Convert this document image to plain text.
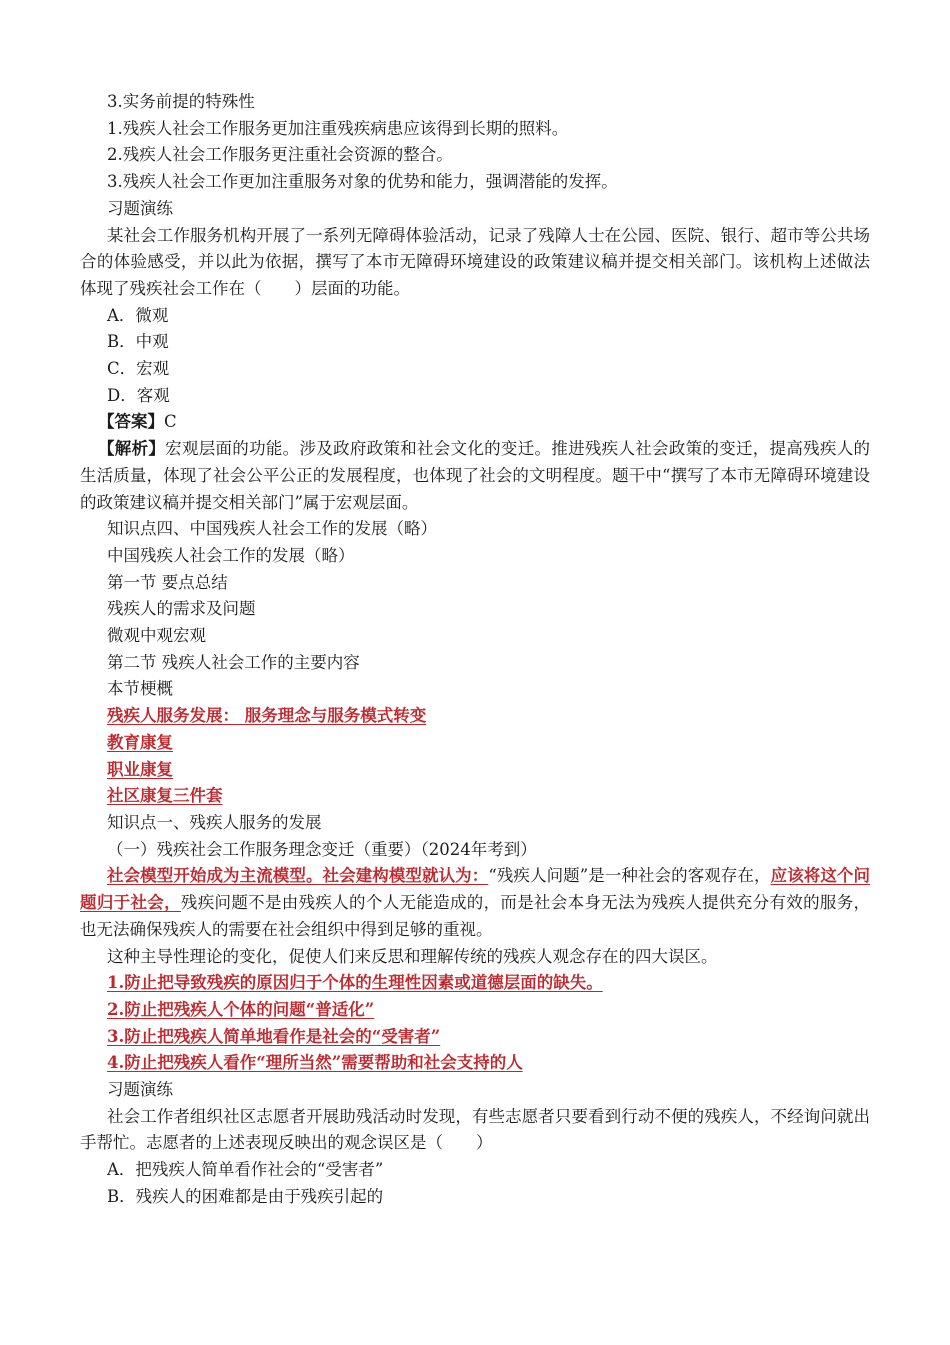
3.实务前提的特殊性
1.残疾人社会工作服务更加注重残疾病患应该得到长期的照料。
2.残疾人社会工作服务更注重社会资源的整合。
3.残疾人社会工作更加注重服务对象的优势和能力，强调潜能的发挥。
习题演练
某社会工作服务机构开展了一系列无障碍体验活动，记录了残障人士在公园、医院、银行、超市等公共场合的体验感受，并以此为依据，撰写了本市无障碍环境建设的政策建议稿并提交相关部门。该机构上述做法体现了残疾社会工作在（　　）层面的功能。
A．微观
B．中观
C．宏观
D．客观
【答案】C
【解析】宏观层面的功能。涉及政府政策和社会文化的变迁。推进残疾人社会政策的变迁，提高残疾人的生活质量，体现了社会公平公正的发展程度，也体现了社会的文明程度。题干中“撰写了本市无障碍环境建设的政策建议稿并提交相关部门”属于宏观层面。
知识点四、中国残疾人社会工作的发展（略）
中国残疾人社会工作的发展（略）
第一节 要点总结
残疾人的需求及问题
微观中观宏观
第二节 残疾人社会工作的主要内容
本节梗概
残疾人服务发展： 服务理念与服务模式转变
教育康复
职业康复
社区康复三件套
知识点一、残疾人服务的发展
（一）残疾社会工作服务理念变迁（重要）（2024年考到）
社会模型开始成为主流模型。社会建构模型就认为：“残疾人问题”是一种社会的客观存在，应该将这个问题归于社会，残疾问题不是由残疾人的个人无能造成的，而是社会本身无法为残疾人提供充分有效的服务，也无法确保残疾人的需要在社会组织中得到足够的重视。
这种主导性理论的变化，促使人们来反思和理解传统的残疾人观念存在的四大误区。
1.防止把导致残疾的原因归于个体的生理性因素或道德层面的缺失。
2.防止把残疾人个体的问题“普适化”
3.防止把残疾人简单地看作是社会的“受害者”
4.防止把残疾人看作“理所当然”需要帮助和社会支持的人
习题演练
社会工作者组织社区志愿者开展助残活动时发现，有些志愿者只要看到行动不便的残疾人，不经询问就出手帮忙。志愿者的上述表现反映出的观念误区是（　　）
A．把残疾人简单看作社会的“受害者”
B．残疾人的困难都是由于残疾引起的
